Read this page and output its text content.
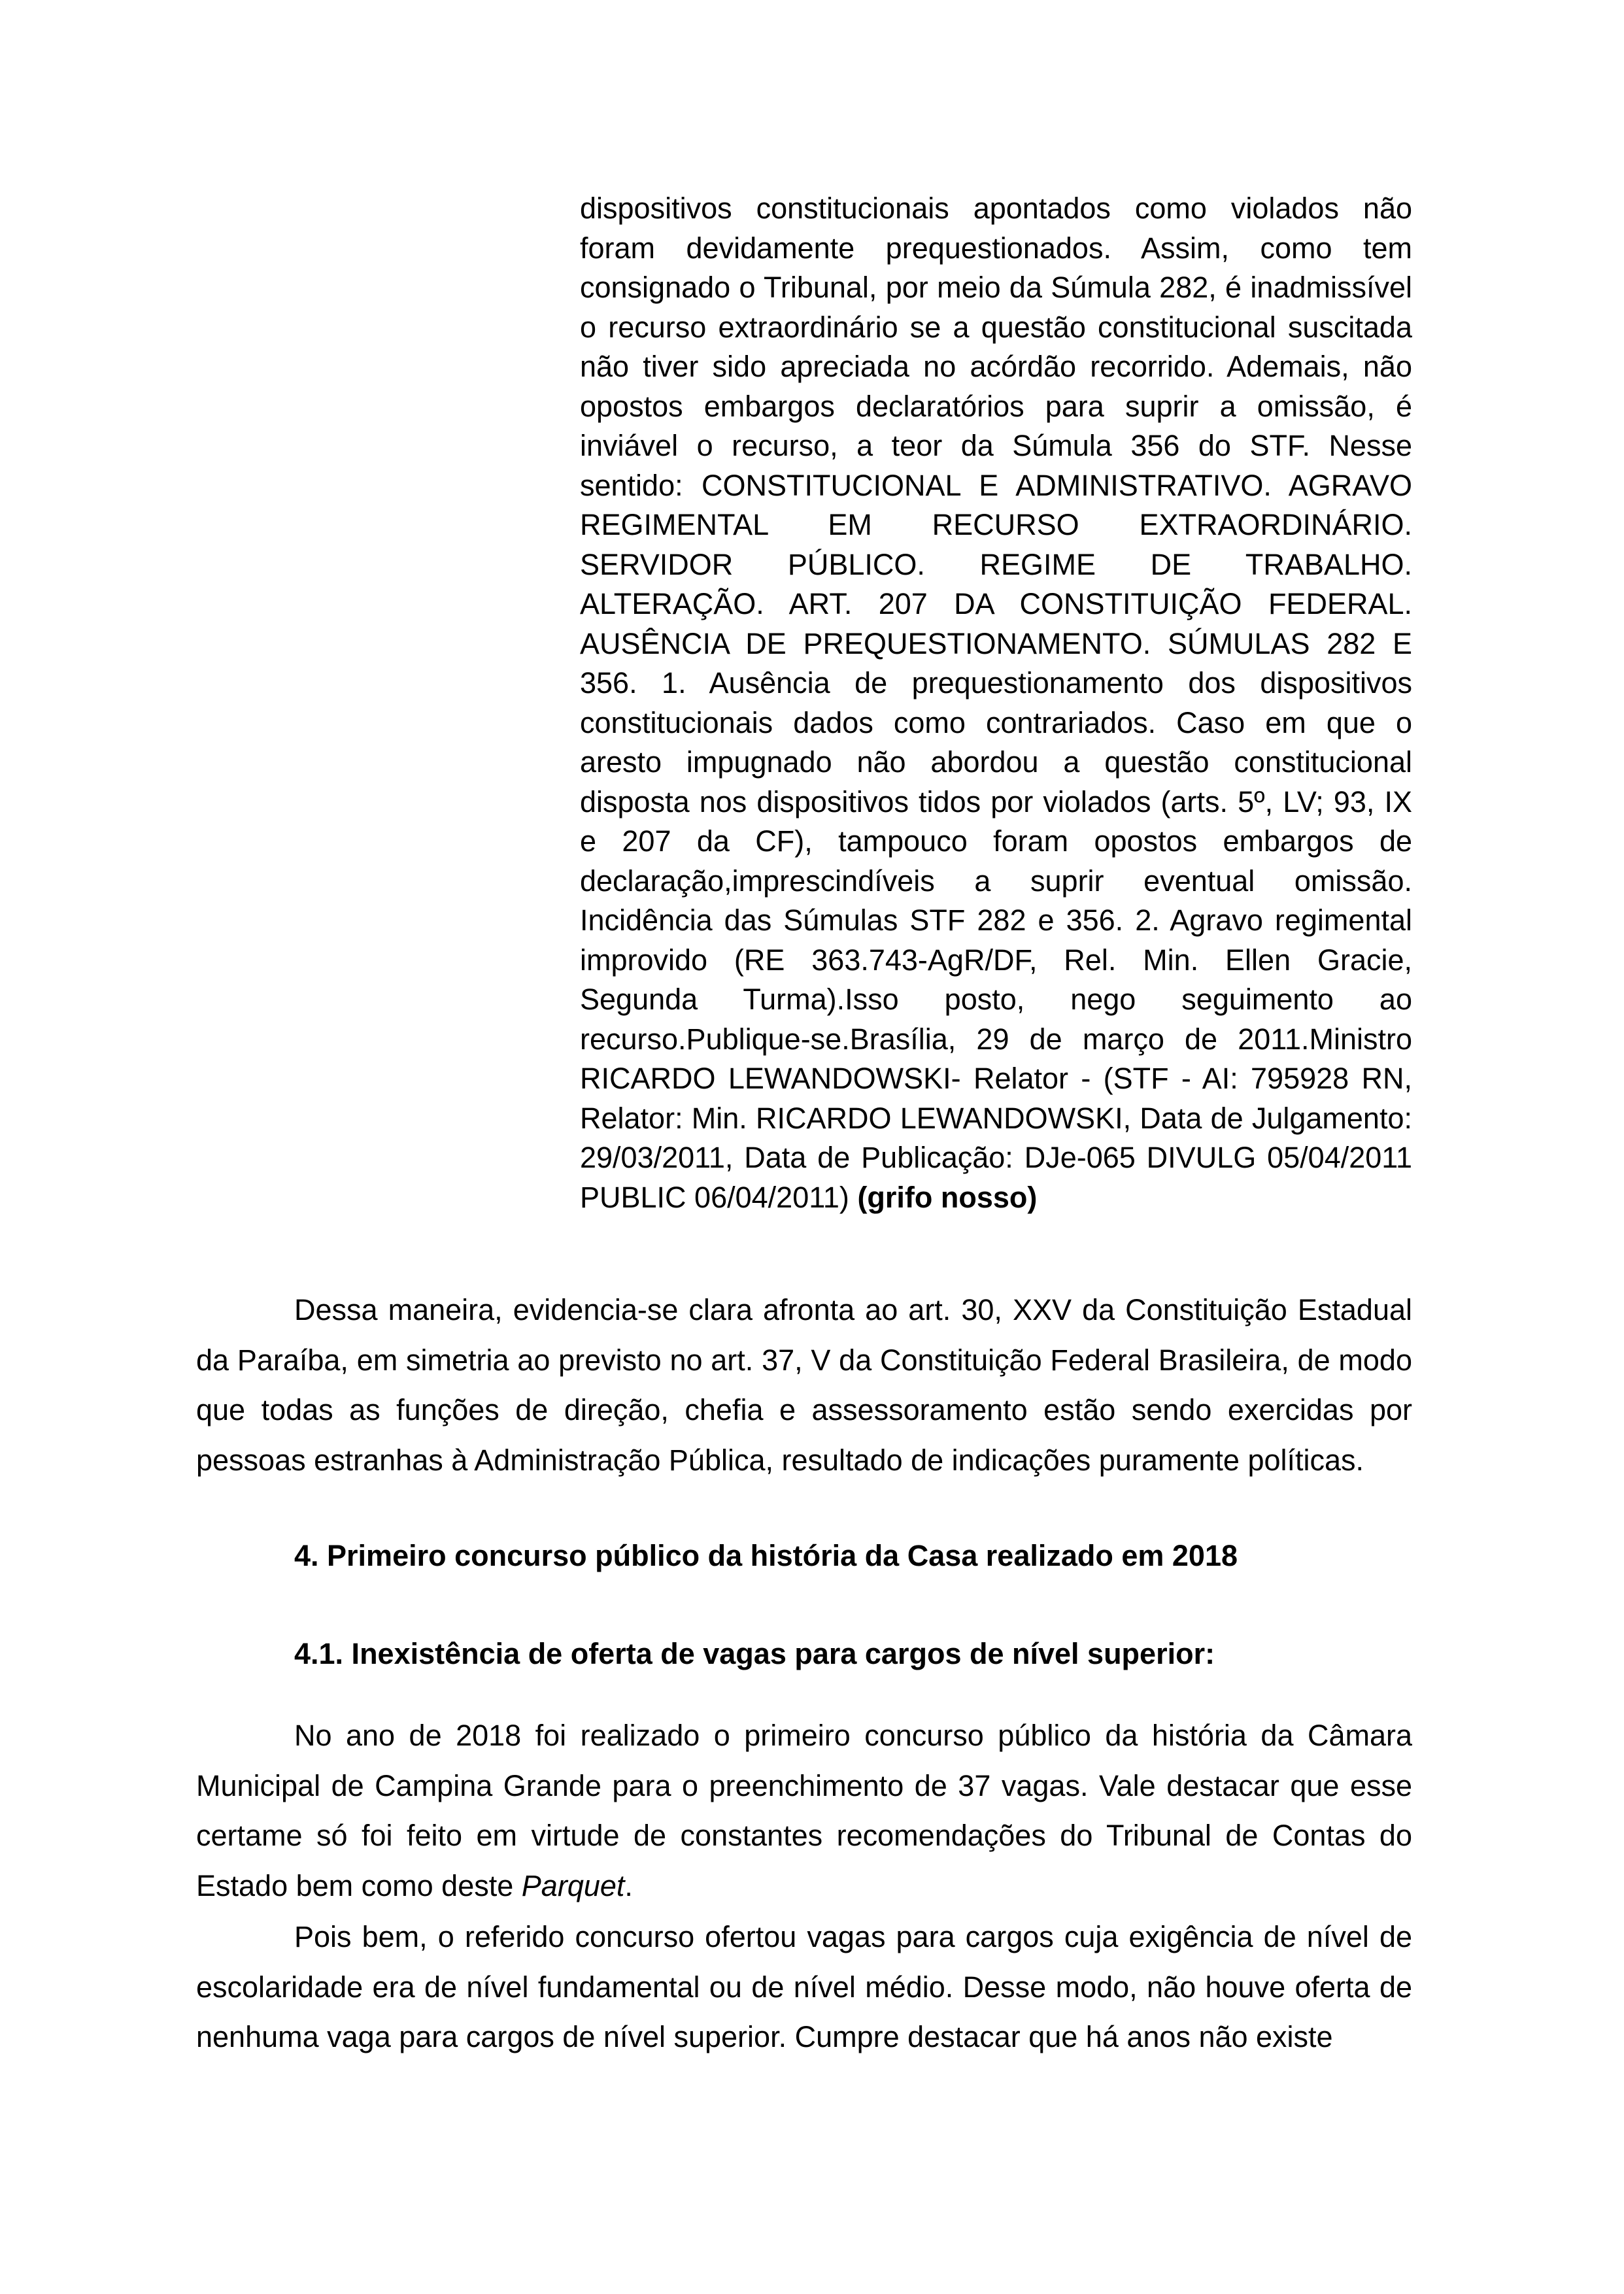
dispositivos constitucionais apontados como violados não foram devidamente prequestionados. Assim, como tem consignado o Tribunal, por meio da Súmula 282, é inadmissível o recurso extraordinário se a questão constitucional suscitada não tiver sido apreciada no acórdão recorrido. Ademais, não opostos embargos declaratórios para suprir a omissão, é inviável o recurso, a teor da Súmula 356 do STF. Nesse sentido: CONSTITUCIONAL E ADMINISTRATIVO. AGRAVO REGIMENTAL EM RECURSO EXTRAORDINÁRIO. SERVIDOR PÚBLICO. REGIME DE TRABALHO. ALTERAÇÃO. ART. 207 DA CONSTITUIÇÃO FEDERAL. AUSÊNCIA DE PREQUESTIONAMENTO. SÚMULAS 282 E 356. 1. Ausência de prequestionamento dos dispositivos constitucionais dados como contrariados. Caso em que o aresto impugnado não abordou a questão constitucional disposta nos dispositivos tidos por violados (arts. 5º, LV; 93, IX e 207 da CF), tampouco foram opostos embargos de declaração,imprescindíveis a suprir eventual omissão. Incidência das Súmulas STF 282 e 356. 2. Agravo regimental improvido (RE 363.743‑AgR/DF, Rel. Min. Ellen Gracie, Segunda Turma).Isso posto, nego seguimento ao recurso.Publique-se.Brasília, 29 de março de 2011.Ministro RICARDO LEWANDOWSKI- Relator - (STF - AI: 795928 RN, Relator: Min. RICARDO LEWANDOWSKI, Data de Julgamento: 29/03/2011, Data de Publicação: DJe-065 DIVULG 05/04/2011 PUBLIC 06/04/2011) (grifo nosso)

Dessa maneira, evidencia-se clara afronta ao art. 30, XXV da Constituição Estadual da Paraíba, em simetria ao previsto no art. 37, V da Constituição Federal Brasileira, de modo que todas as funções de direção, chefia e assessoramento estão sendo exercidas por pessoas estranhas à Administração Pública, resultado de indicações puramente políticas.

4. Primeiro concurso público da história da Casa realizado em 2018

4.1. Inexistência de oferta de vagas para cargos de nível superior:

No ano de 2018 foi realizado o primeiro concurso público da história da Câmara Municipal de Campina Grande para o preenchimento de 37 vagas. Vale destacar que esse certame só foi feito em virtude de constantes recomendações do Tribunal de Contas do Estado bem como deste Parquet.

Pois bem, o referido concurso ofertou vagas para cargos cuja exigência de nível de escolaridade era de nível fundamental ou de nível médio. Desse modo, não houve oferta de nenhuma vaga para cargos de nível superior. Cumpre destacar que há anos não existe
